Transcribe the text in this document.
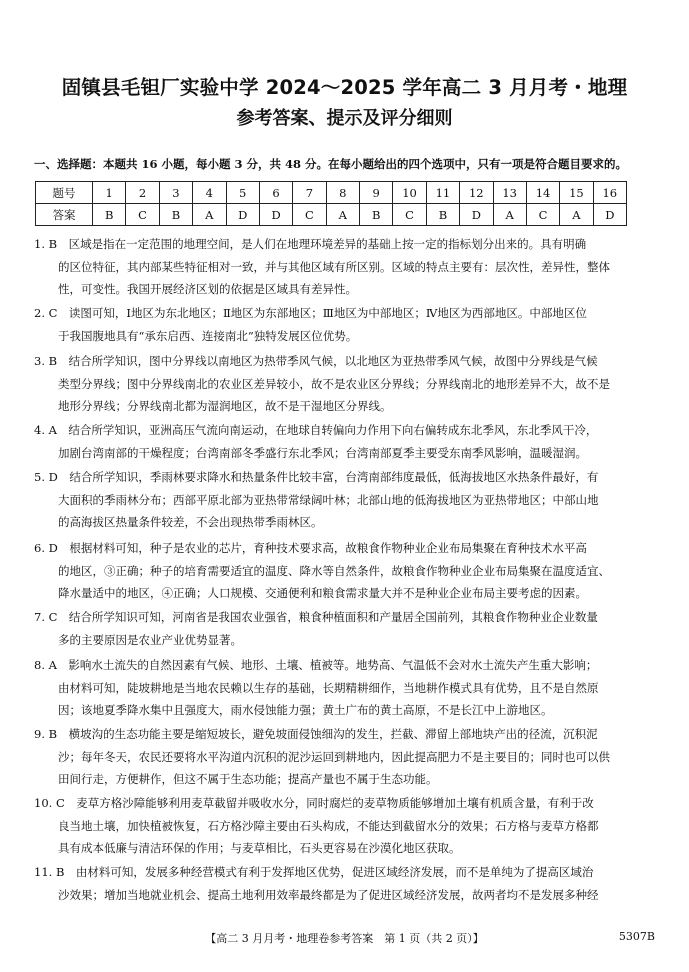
固镇县毛钽厂实验中学 2024～2025 学年高二 3 月月考・地理
参考答案、提示及评分细则
一、选择题：本题共 16 小题，每小题 3 分，共 48 分。在每小题给出的四个选项中，只有一项是符合题目要求的。
题号	1	2	3	4	5	6	7	8	9	10	11	12	13	14	15	16
答案	B	C	B	A	D	D	C	A	B	C	B	D	A	C	A	D
1. B　区域是指在一定范围的地理空间，是人们在地理环境差异的基础上按一定的指标划分出来的。具有明确
的区位特征，其内部某些特征相对一致，并与其他区域有所区别。区域的特点主要有：层次性，差异性，整体
性，可变性。我国开展经济区划的依据是区域具有差异性。
2. C　读图可知，Ⅰ地区为东北地区；Ⅱ地区为东部地区；Ⅲ地区为中部地区；Ⅳ地区为西部地区。中部地区位
于我国腹地具有“承东启西、连接南北”独特发展区位优势。
3. B　结合所学知识，图中分界线以南地区为热带季风气候，以北地区为亚热带季风气候，故图中分界线是气候
类型分界线；图中分界线南北的农业区差异较小，故不是农业区分界线；分界线南北的地形差异不大，故不是
地形分界线；分界线南北都为湿润地区，故不是干湿地区分界线。
4. A　结合所学知识，亚洲高压气流向南运动，在地球自转偏向力作用下向右偏转成东北季风，东北季风干冷，
加剧台湾南部的干燥程度；台湾南部冬季盛行东北季风；台湾南部夏季主要受东南季风影响，温暖湿润。
5. D　结合所学知识，季雨林要求降水和热量条件比较丰富，台湾南部纬度最低，低海拔地区水热条件最好，有
大面积的季雨林分布；西部平原北部为亚热带常绿阔叶林；北部山地的低海拔地区为亚热带地区；中部山地
的高海拔区热量条件较差，不会出现热带季雨林区。
6. D　根据材料可知，种子是农业的芯片，育种技术要求高，故粮食作物种业企业布局集聚在育种技术水平高
的地区，③正确；种子的培育需要适宜的温度、降水等自然条件，故粮食作物种业企业布局集聚在温度适宜、
降水量适中的地区，④正确；人口规模、交通便利和粮食需求量大并不是种业企业布局主要考虑的因素。
7. C　结合所学知识可知，河南省是我国农业强省，粮食种植面积和产量居全国前列，其粮食作物种业企业数量
多的主要原因是农业产业优势显著。
8. A　影响水土流失的自然因素有气候、地形、土壤、植被等。地势高、气温低不会对水土流失产生重大影响；
由材料可知，陡坡耕地是当地农民赖以生存的基础，长期精耕细作，当地耕作模式具有优势，且不是自然原
因；该地夏季降水集中且强度大，雨水侵蚀能力强；黄土广布的黄土高原，不是长江中上游地区。
9. B　横坡沟的生态功能主要是缩短坡长，避免坡面侵蚀细沟的发生，拦截、滞留上部地块产出的径流，沉积泥
沙；每年冬天，农民还要将水平沟道内沉积的泥沙运回到耕地内，因此提高肥力不是主要目的；同时也可以供
田间行走，方便耕作，但这不属于生态功能；提高产量也不属于生态功能。
10. C　麦草方格沙障能够利用麦草截留并吸收水分，同时腐烂的麦草物质能够增加土壤有机质含量，有利于改
良当地土壤，加快植被恢复，石方格沙障主要由石头构成，不能达到截留水分的效果；石方格与麦草方格都
具有成本低廉与清洁环保的作用；与麦草相比，石头更容易在沙漠化地区获取。
11. B　由材料可知，发展多种经营模式有利于发挥地区优势，促进区域经济发展，而不是单纯为了提高区域治
沙效果；增加当地就业机会、提高土地利用效率最终都是为了促进区域经济发展，故两者均不是发展多种经
【高二 3 月月考・地理卷参考答案　第 1 页（共 2 页）】	5307B
